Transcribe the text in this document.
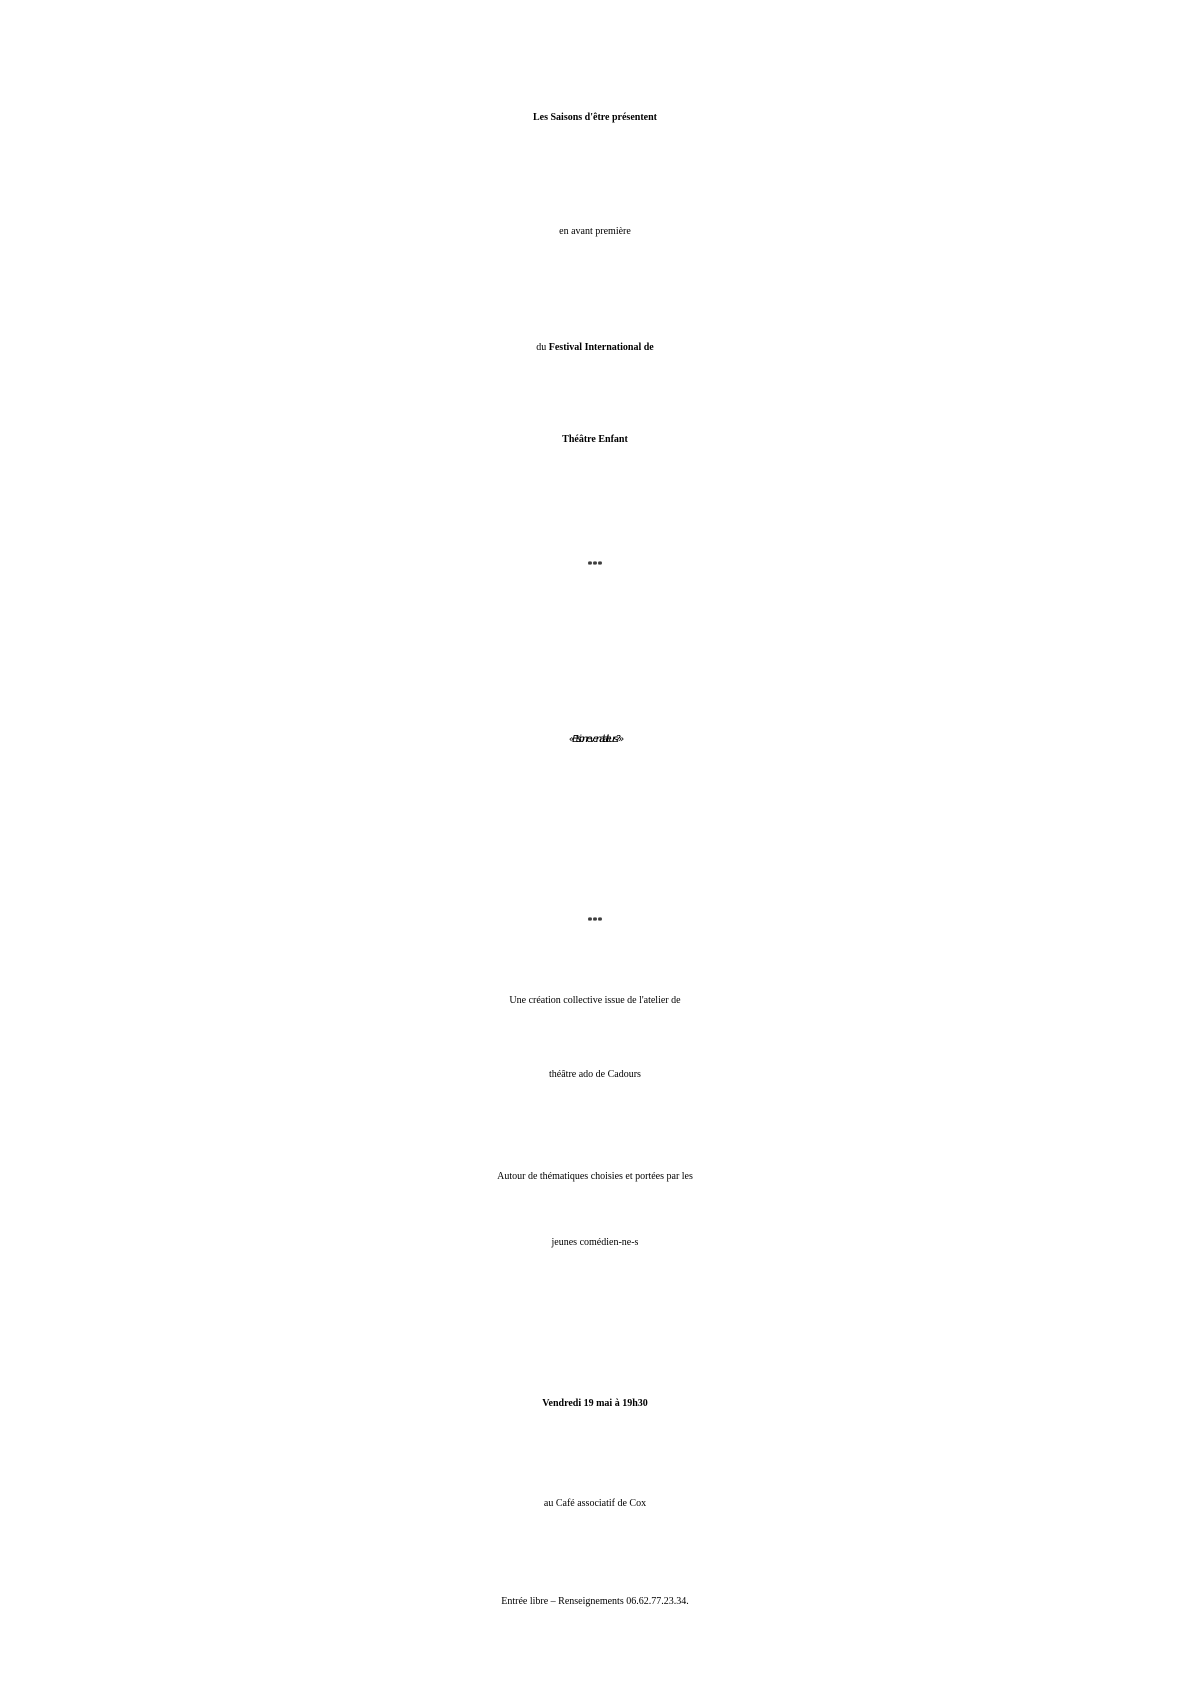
Les Saisons d'être présentent

en avant première

du Festival International de

Théâtre Enfant

***

« Et si on revenait ailleurs ? »

***

Une création collective issue de l'atelier de

théâtre ado de Cadours

Autour de thématiques choisies et portées par les

jeunes comédien-ne-s

Vendredi 19 mai à 19h30

au Café associatif de Cox

Entrée libre – Renseignements 06.62.77.23.34.
